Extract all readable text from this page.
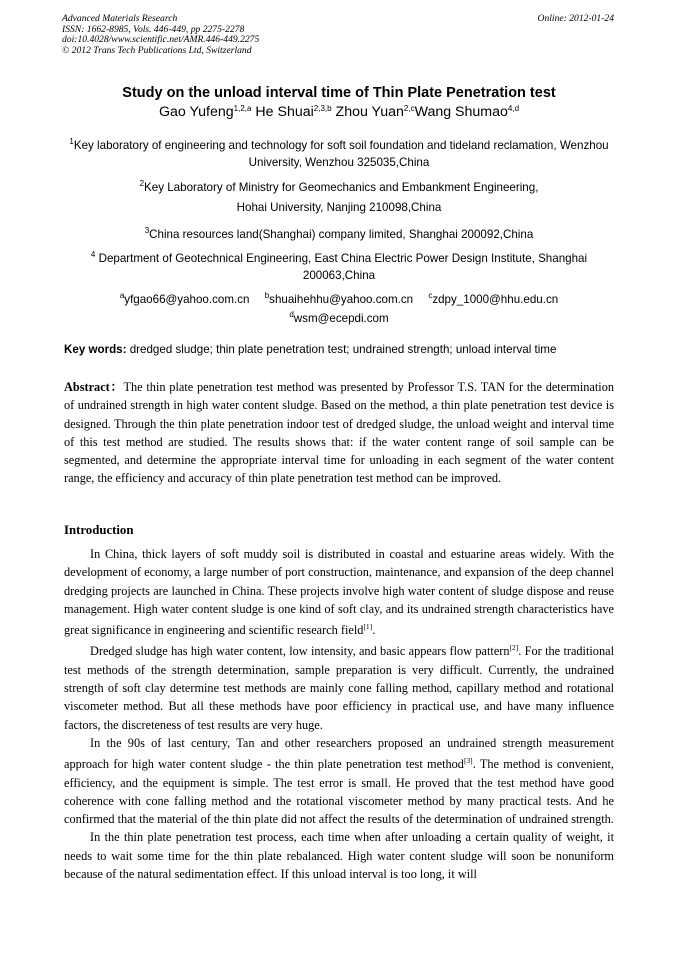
Advanced Materials Research
ISSN: 1662-8985, Vols. 446-449, pp 2275-2278
doi:10.4028/www.scientific.net/AMR.446-449.2275
© 2012 Trans Tech Publications Ltd, Switzerland
Online: 2012-01-24
Study on the unload interval time of Thin Plate Penetration test
Gao Yufeng$^{1,2,a}$ He Shuai$^{2,3,b}$ Zhou Yuan$^{2,c}$Wang Shumao$^{4,d}$
$^1$Key laboratory of engineering and technology for soft soil foundation and tideland reclamation, Wenzhou University, Wenzhou 325035,China
$^2$Key Laboratory of Ministry for Geomechanics and Embankment Engineering,
Hohai University, Nanjing 210098,China
$^3$China resources land(Shanghai) company limited, Shanghai 200092,China
$^4$ Department of Geotechnical Engineering, East China Electric Power Design Institute, Shanghai 200063,China
$^a$yfgao66@yahoo.com.cn $^b$shuaihehhu@yahoo.com.cn $^c$zdpy_1000@hhu.edu.cn
$^d$wsm@ecepdi.com
Key words: dredged sludge; thin plate penetration test; undrained strength; unload interval time
Abstract：The thin plate penetration test method was presented by Professor T.S. TAN for the determination of undrained strength in high water content sludge. Based on the method, a thin plate penetration test device is designed. Through the thin plate penetration indoor test of dredged sludge, the unload weight and interval time of this test method are studied. The results shows that: if the water content range of soil sample can be segmented, and determine the appropriate interval time for unloading in each segment of the water content range, the efficiency and accuracy of thin plate penetration test method can be improved.
Introduction

In China, thick layers of soft muddy soil is distributed in coastal and estuarine areas widely. With the development of economy, a large number of port construction, maintenance, and expansion of the deep channel dredging projects are launched in China. These projects involve high water content of sludge dispose and reuse management. High water content sludge is one kind of soft clay, and its undrained strength characteristics have great significance in engineering and scientific research field[1].

Dredged sludge has high water content, low intensity, and basic appears flow pattern[2]. For the traditional test methods of the strength determination, sample preparation is very difficult. Currently, the undrained strength of soft clay determine test methods are mainly cone falling method, capillary method and rotational viscometer method. But all these methods have poor efficiency in practical use, and have many influence factors, the discreteness of test results are very huge.

In the 90s of last century, Tan and other researchers proposed an undrained strength measurement approach for high water content sludge - the thin plate penetration test method[3]. The method is convenient, efficiency, and the equipment is simple. The test error is small. He proved that the test method have good coherence with cone falling method and the rotational viscometer method by many practical tests. And he confirmed that the material of the thin plate did not affect the results of the determination of undrained strength.

In the thin plate penetration test process, each time when after unloading a certain quality of weight, it needs to wait some time for the thin plate rebalanced. High water content sludge will soon be nonuniform because of the natural sedimentation effect. If this unload interval is too long, it will
